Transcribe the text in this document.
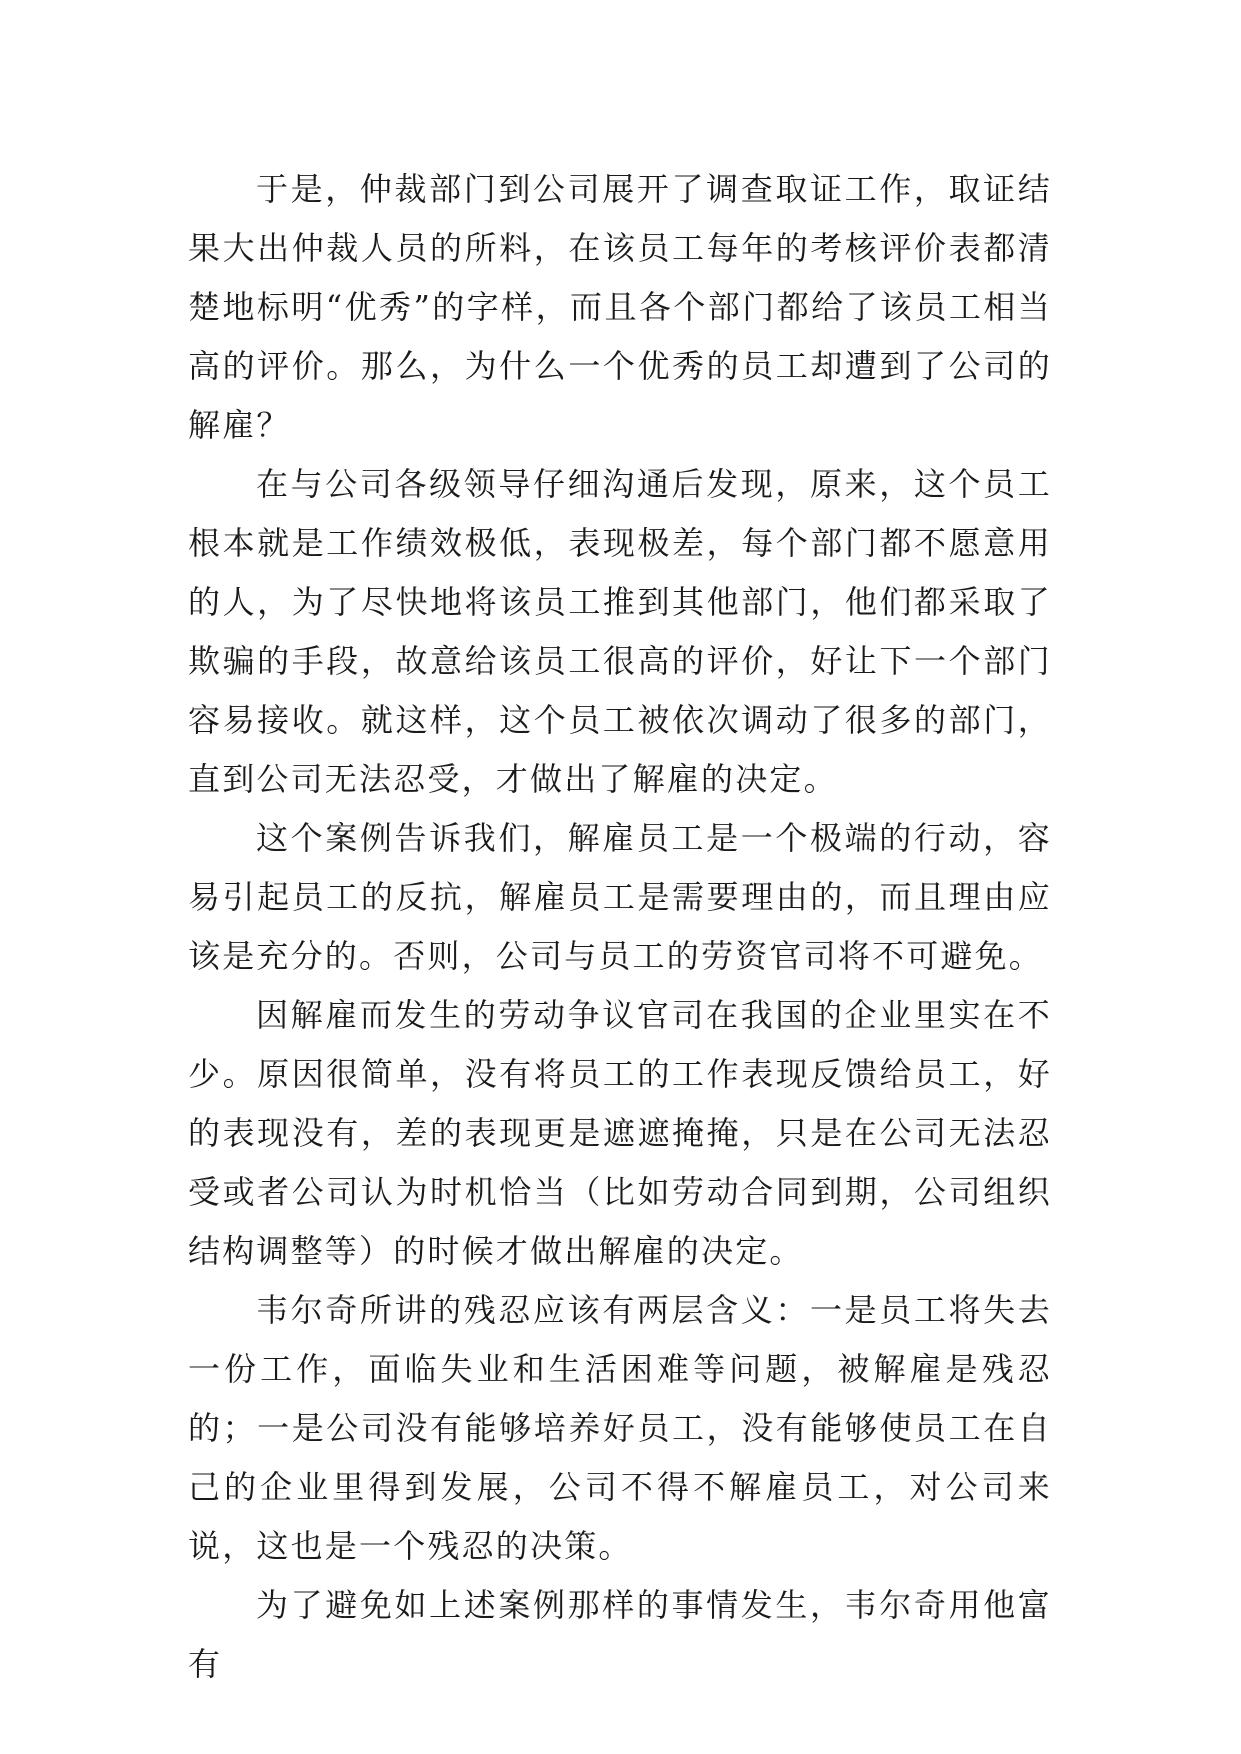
于是，仲裁部门到公司展开了调查取证工作，取证结果大出仲裁人员的所料，在该员工每年的考核评价表都清楚地标明“优秀”的字样，而且各个部门都给了该员工相当高的评价。那么，为什么一个优秀的员工却遭到了公司的解雇？

在与公司各级领导仔细沟通后发现，原来，这个员工根本就是工作绩效极低，表现极差，每个部门都不愿意用的人，为了尽快地将该员工推到其他部门，他们都采取了欺骗的手段，故意给该员工很高的评价，好让下一个部门容易接收。就这样，这个员工被依次调动了很多的部门，直到公司无法忍受，才做出了解雇的决定。

这个案例告诉我们，解雇员工是一个极端的行动，容易引起员工的反抗，解雇员工是需要理由的，而且理由应该是充分的。否则，公司与员工的劳资官司将不可避免。

因解雇而发生的劳动争议官司在我国的企业里实在不少。原因很简单，没有将员工的工作表现反馈给员工，好的表现没有，差的表现更是遮遮掩掩，只是在公司无法忍受或者公司认为时机恰当（比如劳动合同到期，公司组织结构调整等）的时候才做出解雇的决定。

韦尔奇所讲的残忍应该有两层含义：一是员工将失去一份工作，面临失业和生活困难等问题，被解雇是残忍的；一是公司没有能够培养好员工，没有能够使员工在自己的企业里得到发展，公司不得不解雇员工，对公司来说，这也是一个残忍的决策。

为了避免如上述案例那样的事情发生，韦尔奇用他富有
